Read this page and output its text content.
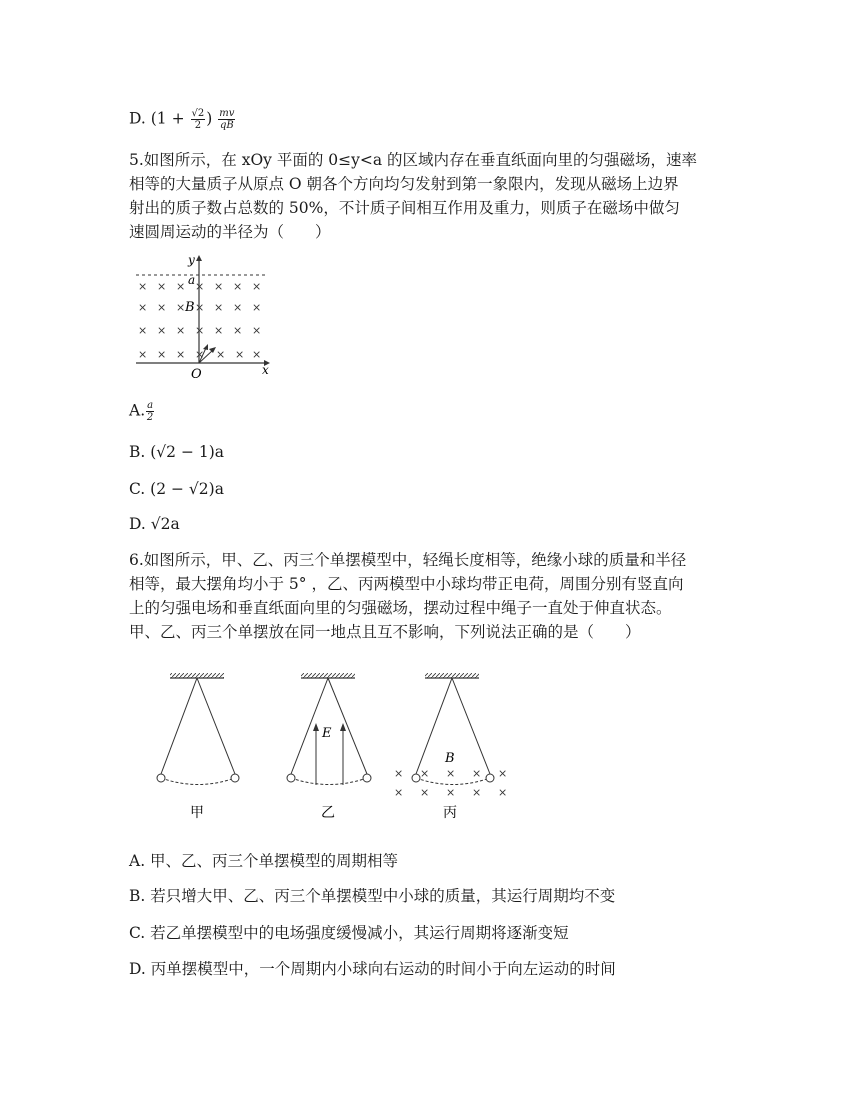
D. ($1 + \frac{√2}{2}$ ) $\frac{mv}{qB}$
5.如图所示，在 xOy 平面的 0≤y<a 的区域内存在垂直纸面向里的匀强磁场，速率
相等的大量质子从原点 O 朝各个方向均匀发射到第一象限内，发现从磁场上边界
射出的质子数占总数的 50%，不计质子间相互作用及重力，则质子在磁场中做匀
速圆周运动的半径为（　　）
× × × × × × ×
× × × × × × ×
× × × × × × ×
× × × × × × ×
y
a
B
O	x
A. $\frac{a}{2}$
B. (√2 − 1)a
C. (2 − √2)a
D. √2a
6.如图所示，甲、乙、丙三个单摆模型中，轻绳长度相等，绝缘小球的质量和半径
相等，最大摆角均小于 5° ，乙、丙两模型中小球均带正电荷，周围分别有竖直向
上的匀强电场和垂直纸面向里的匀强磁场，摆动过程中绳子一直处于伸直状态。
甲、乙、丙三个单摆放在同一地点且互不影响，下列说法正确的是（　　）
甲
E
乙
× × × × ×
× × × × ×
B
丙
A. 甲、乙、丙三个单摆模型的周期相等
B. 若只增大甲、乙、丙三个单摆模型中小球的质量，其运行周期均不变
C. 若乙单摆模型中的电场强度缓慢减小，其运行周期将逐渐变短
D. 丙单摆模型中，一个周期内小球向右运动的时间小于向左运动的时间
